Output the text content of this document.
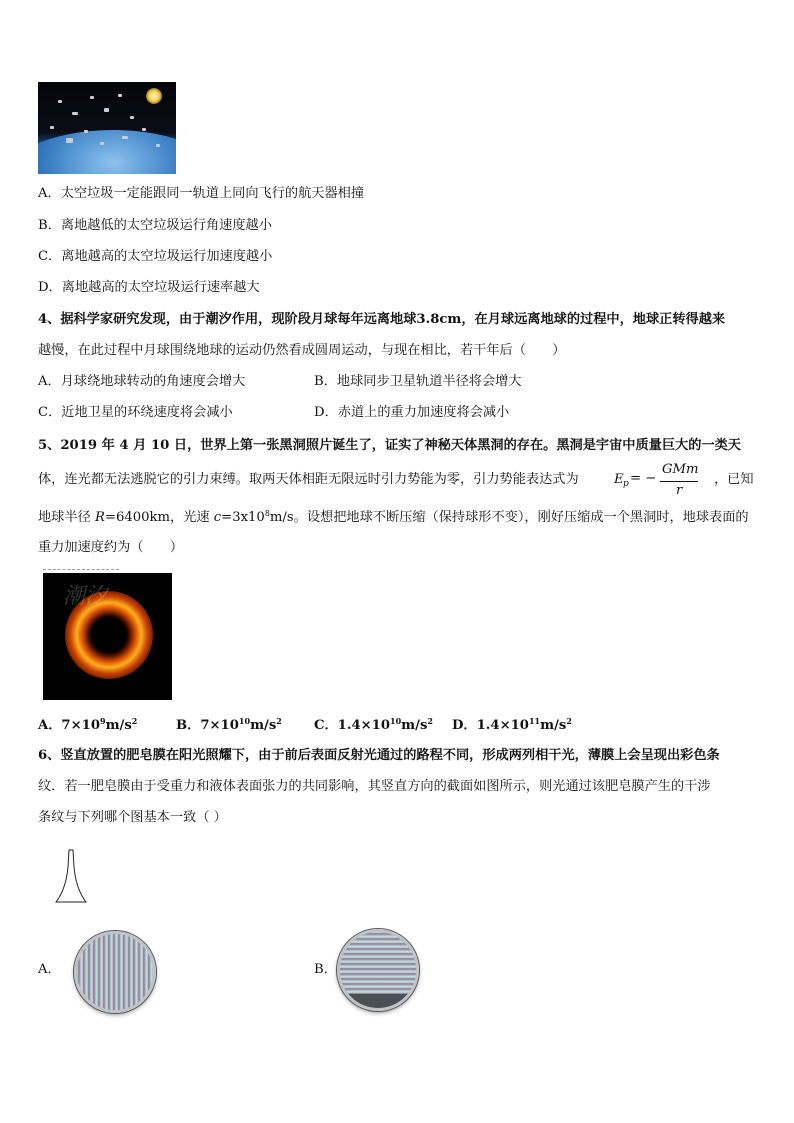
A．太空垃圾一定能跟同一轨道上同向飞行的航天器相撞
B．离地越低的太空垃圾运行角速度越小
C．离地越高的太空垃圾运行加速度越小
D．离地越高的太空垃圾运行速率越大
4、据科学家研究发现，由于潮汐作用，现阶段月球每年远离地球3.8cm，在月球远离地球的过程中，地球正转得越来
越慢，在此过程中月球围绕地球的运动仍然看成圆周运动，与现在相比，若干年后（　　）
A．月球绕地球转动的角速度会增大	B．地球同步卫星轨道半径将会增大
C．近地卫星的环绕速度将会减小	D．赤道上的重力加速度将会减小
5、2019 年 4 月 10 日，世界上第一张黑洞照片诞生了，证实了神秘天体黑洞的存在。黑洞是宇宙中质量巨大的一类天
体，连光都无法逃脱它的引力束缚。取两天体相距无限远时引力势能为零，引力势能表达式为	E p = −
GMm
r
，已知
地球半径 R=6400km，光速 $c=3x10^8m/s$。设想把地球不断压缩（保持球形不变），刚好压缩成一个黑洞时，地球表面的
重力加速度约为（　　）
潮汐
A．$7\times 10^9m/s^2$	B．$7\times 10^{10}m/s^2$ C．$1.4\times 10^{10}m/s^2$ D．$1.4\times 10^{11}m/s^2$
6、竖直放置的肥皂膜在阳光照耀下，由于前后表面反射光通过的路程不同，形成两列相干光，薄膜上会呈现出彩色条
纹．若一肥皂膜由于受重力和液体表面张力的共同影响，其竖直方向的截面如图所示，则光通过该肥皂膜产生的干涉
条纹与下列哪个图基本一致（ ）
A．	B．
